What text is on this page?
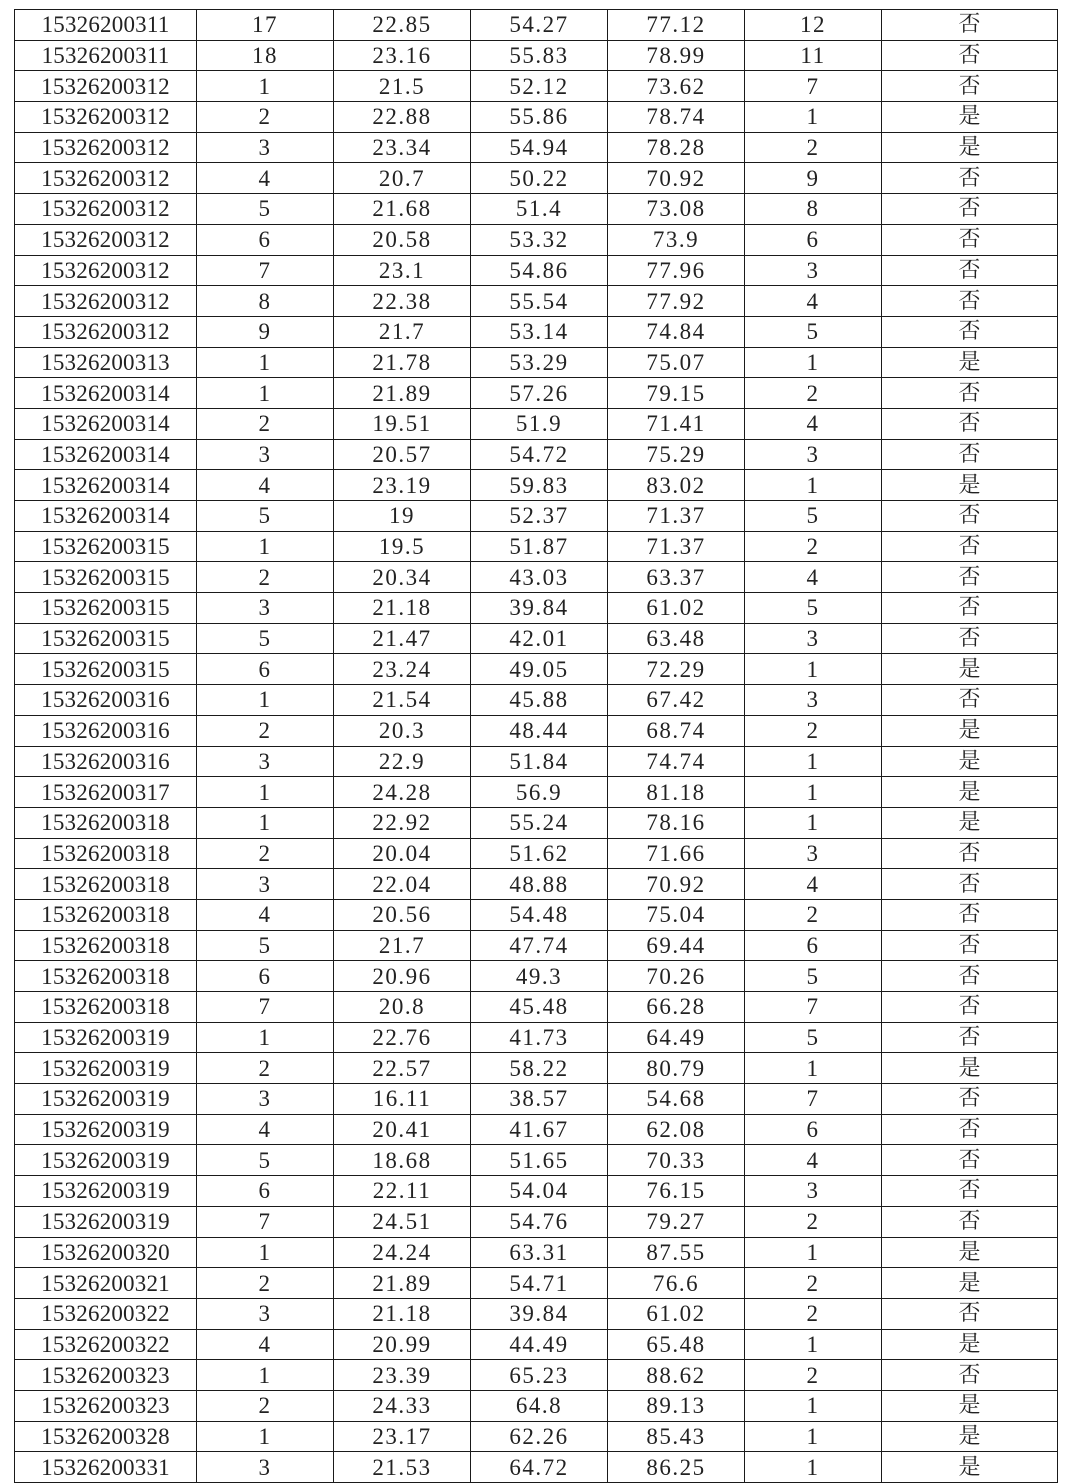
15326200311	17	22.85	54.27	77.12	12	否
15326200311	18	23.16	55.83	78.99	11	否
15326200312	1	21.5	52.12	73.62	7	否
15326200312	2	22.88	55.86	78.74	1	是
15326200312	3	23.34	54.94	78.28	2	是
15326200312	4	20.7	50.22	70.92	9	否
15326200312	5	21.68	51.4	73.08	8	否
15326200312	6	20.58	53.32	73.9	6	否
15326200312	7	23.1	54.86	77.96	3	否
15326200312	8	22.38	55.54	77.92	4	否
15326200312	9	21.7	53.14	74.84	5	否
15326200313	1	21.78	53.29	75.07	1	是
15326200314	1	21.89	57.26	79.15	2	否
15326200314	2	19.51	51.9	71.41	4	否
15326200314	3	20.57	54.72	75.29	3	否
15326200314	4	23.19	59.83	83.02	1	是
15326200314	5	19	52.37	71.37	5	否
15326200315	1	19.5	51.87	71.37	2	否
15326200315	2	20.34	43.03	63.37	4	否
15326200315	3	21.18	39.84	61.02	5	否
15326200315	5	21.47	42.01	63.48	3	否
15326200315	6	23.24	49.05	72.29	1	是
15326200316	1	21.54	45.88	67.42	3	否
15326200316	2	20.3	48.44	68.74	2	是
15326200316	3	22.9	51.84	74.74	1	是
15326200317	1	24.28	56.9	81.18	1	是
15326200318	1	22.92	55.24	78.16	1	是
15326200318	2	20.04	51.62	71.66	3	否
15326200318	3	22.04	48.88	70.92	4	否
15326200318	4	20.56	54.48	75.04	2	否
15326200318	5	21.7	47.74	69.44	6	否
15326200318	6	20.96	49.3	70.26	5	否
15326200318	7	20.8	45.48	66.28	7	否
15326200319	1	22.76	41.73	64.49	5	否
15326200319	2	22.57	58.22	80.79	1	是
15326200319	3	16.11	38.57	54.68	7	否
15326200319	4	20.41	41.67	62.08	6	否
15326200319	5	18.68	51.65	70.33	4	否
15326200319	6	22.11	54.04	76.15	3	否
15326200319	7	24.51	54.76	79.27	2	否
15326200320	1	24.24	63.31	87.55	1	是
15326200321	2	21.89	54.71	76.6	2	是
15326200322	3	21.18	39.84	61.02	2	否
15326200322	4	20.99	44.49	65.48	1	是
15326200323	1	23.39	65.23	88.62	2	否
15326200323	2	24.33	64.8	89.13	1	是
15326200328	1	23.17	62.26	85.43	1	是
15326200331	3	21.53	64.72	86.25	1	是
